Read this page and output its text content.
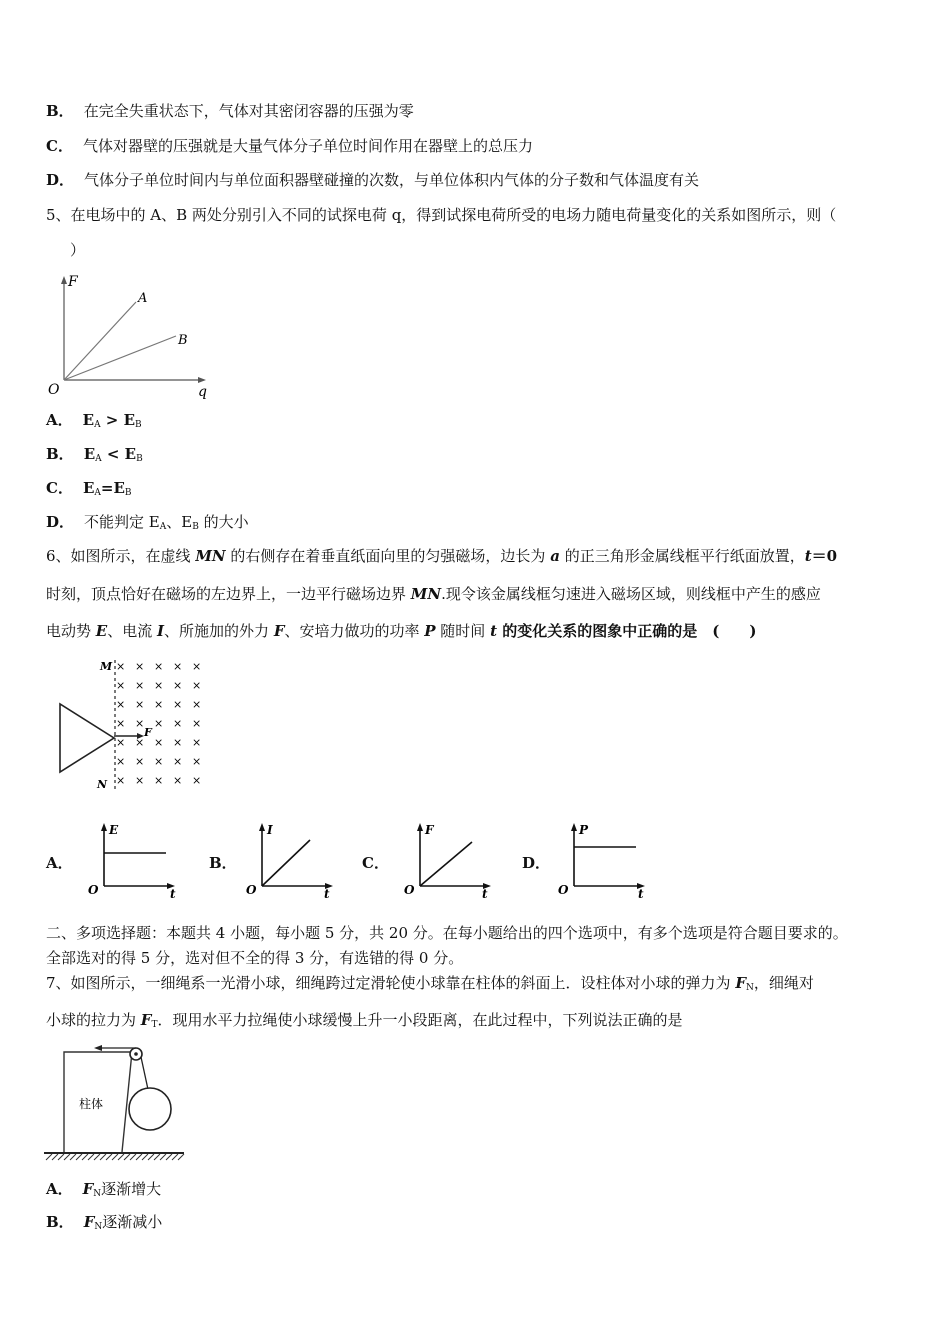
B． 在完全失重状态下，气体对其密闭容器的压强为零
C． 气体对器壁的压强就是大量气体分子单位时间作用在器壁上的总压力
D． 气体分子单位时间内与单位面积器壁碰撞的次数，与单位体积内气体的分子数和气体温度有关
5、在电场中的 A、B 两处分别引入不同的试探电荷 q，得到试探电荷所受的电场力随电荷量变化的关系如图所示，则（
）
F
q
O
A
B
A． $E_A > E_B$
B． $E_A < E_B$
C． $E_A=E_B$
D． 不能判定 $E_A$、$E_B$ 的大小
6、如图所示，在虚线 MN 的右侧存在着垂直纸面向里的匀强磁场，边长为 a 的正三角形金属线框平行纸面放置，t＝0
时刻，顶点恰好在磁场的左边界上，一边平行磁场边界 MN.现令该金属线框匀速进入磁场区域，则线框中产生的感应
电动势 E、电流 I、所施加的外力 F、安培力做功的功率 P 随时间 t 的变化关系的图象中正确的是　(　　)
M
N
F
× × × × ×
× × × × ×
× × × × ×
× × × × ×
× × × × ×
× × × × ×
× × × × ×
A．
E
t
O
B．
I
t
O
C．
F
t
O
D．
P
t
O
二、多项选择题：本题共 4 小题，每小题 5 分，共 20 分。在每小题给出的四个选项中，有多个选项是符合题目要求的。
全部选对的得 5 分，选对但不全的得 3 分，有选错的得 0 分。
7、如图所示，一细绳系一光滑小球，细绳跨过定滑轮使小球靠在柱体的斜面上．设柱体对小球的弹力为 $F_N$，细绳对
小球的拉力为 $F_T$．现用水平力拉绳使小球缓慢上升一小段距离，在此过程中，下列说法正确的是
柱体
A． $F_N$逐渐增大
B． $F_N$逐渐减小
